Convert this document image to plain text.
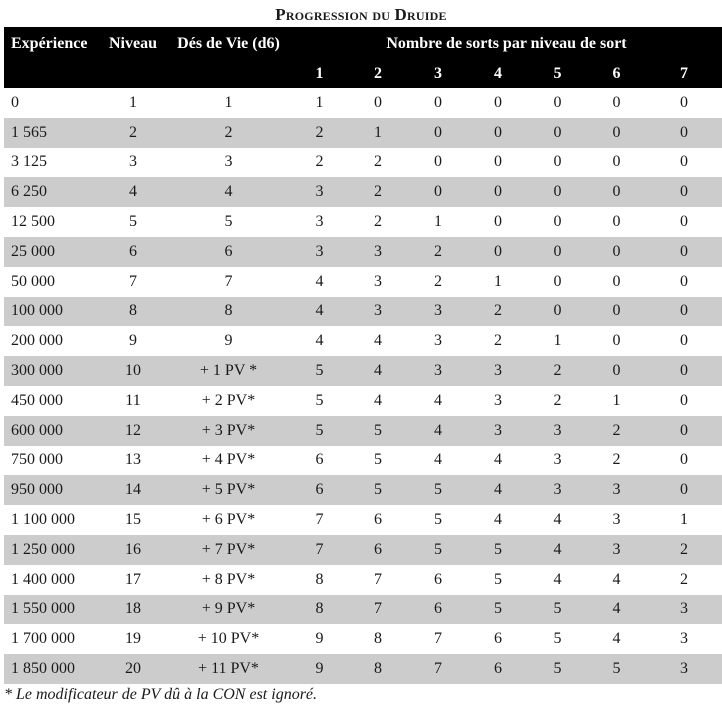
Progression du Druide
Expérience	Niveau	Dés de Vie (d6)	Nombre de sorts par niveau de sort						
			1	2	3	4	5	6	7
0	1	1	1	0	0	0	0	0	0
1 565	2	2	2	1	0	0	0	0	0
3 125	3	3	2	2	0	0	0	0	0
6 250	4	4	3	2	0	0	0	0	0
12 500	5	5	3	2	1	0	0	0	0
25 000	6	6	3	3	2	0	0	0	0
50 000	7	7	4	3	2	1	0	0	0
100 000	8	8	4	3	3	2	0	0	0
200 000	9	9	4	4	3	2	1	0	0
300 000	10	+ 1 PV *	5	4	3	3	2	0	0
450 000	11	+ 2 PV*	5	4	4	3	2	1	0
600 000	12	+ 3 PV*	5	5	4	3	3	2	0
750 000	13	+ 4 PV*	6	5	4	4	3	2	0
950 000	14	+ 5 PV*	6	5	5	4	3	3	0
1 100 000	15	+ 6 PV*	7	6	5	4	4	3	1
1 250 000	16	+ 7 PV*	7	6	5	5	4	3	2
1 400 000	17	+ 8 PV*	8	7	6	5	4	4	2
1 550 000	18	+ 9 PV*	8	7	6	5	5	4	3
1 700 000	19	+ 10 PV*	9	8	7	6	5	4	3
1 850 000	20	+ 11 PV*	9	8	7	6	5	5	3
* Le modificateur de PV dû à la CON est ignoré.
